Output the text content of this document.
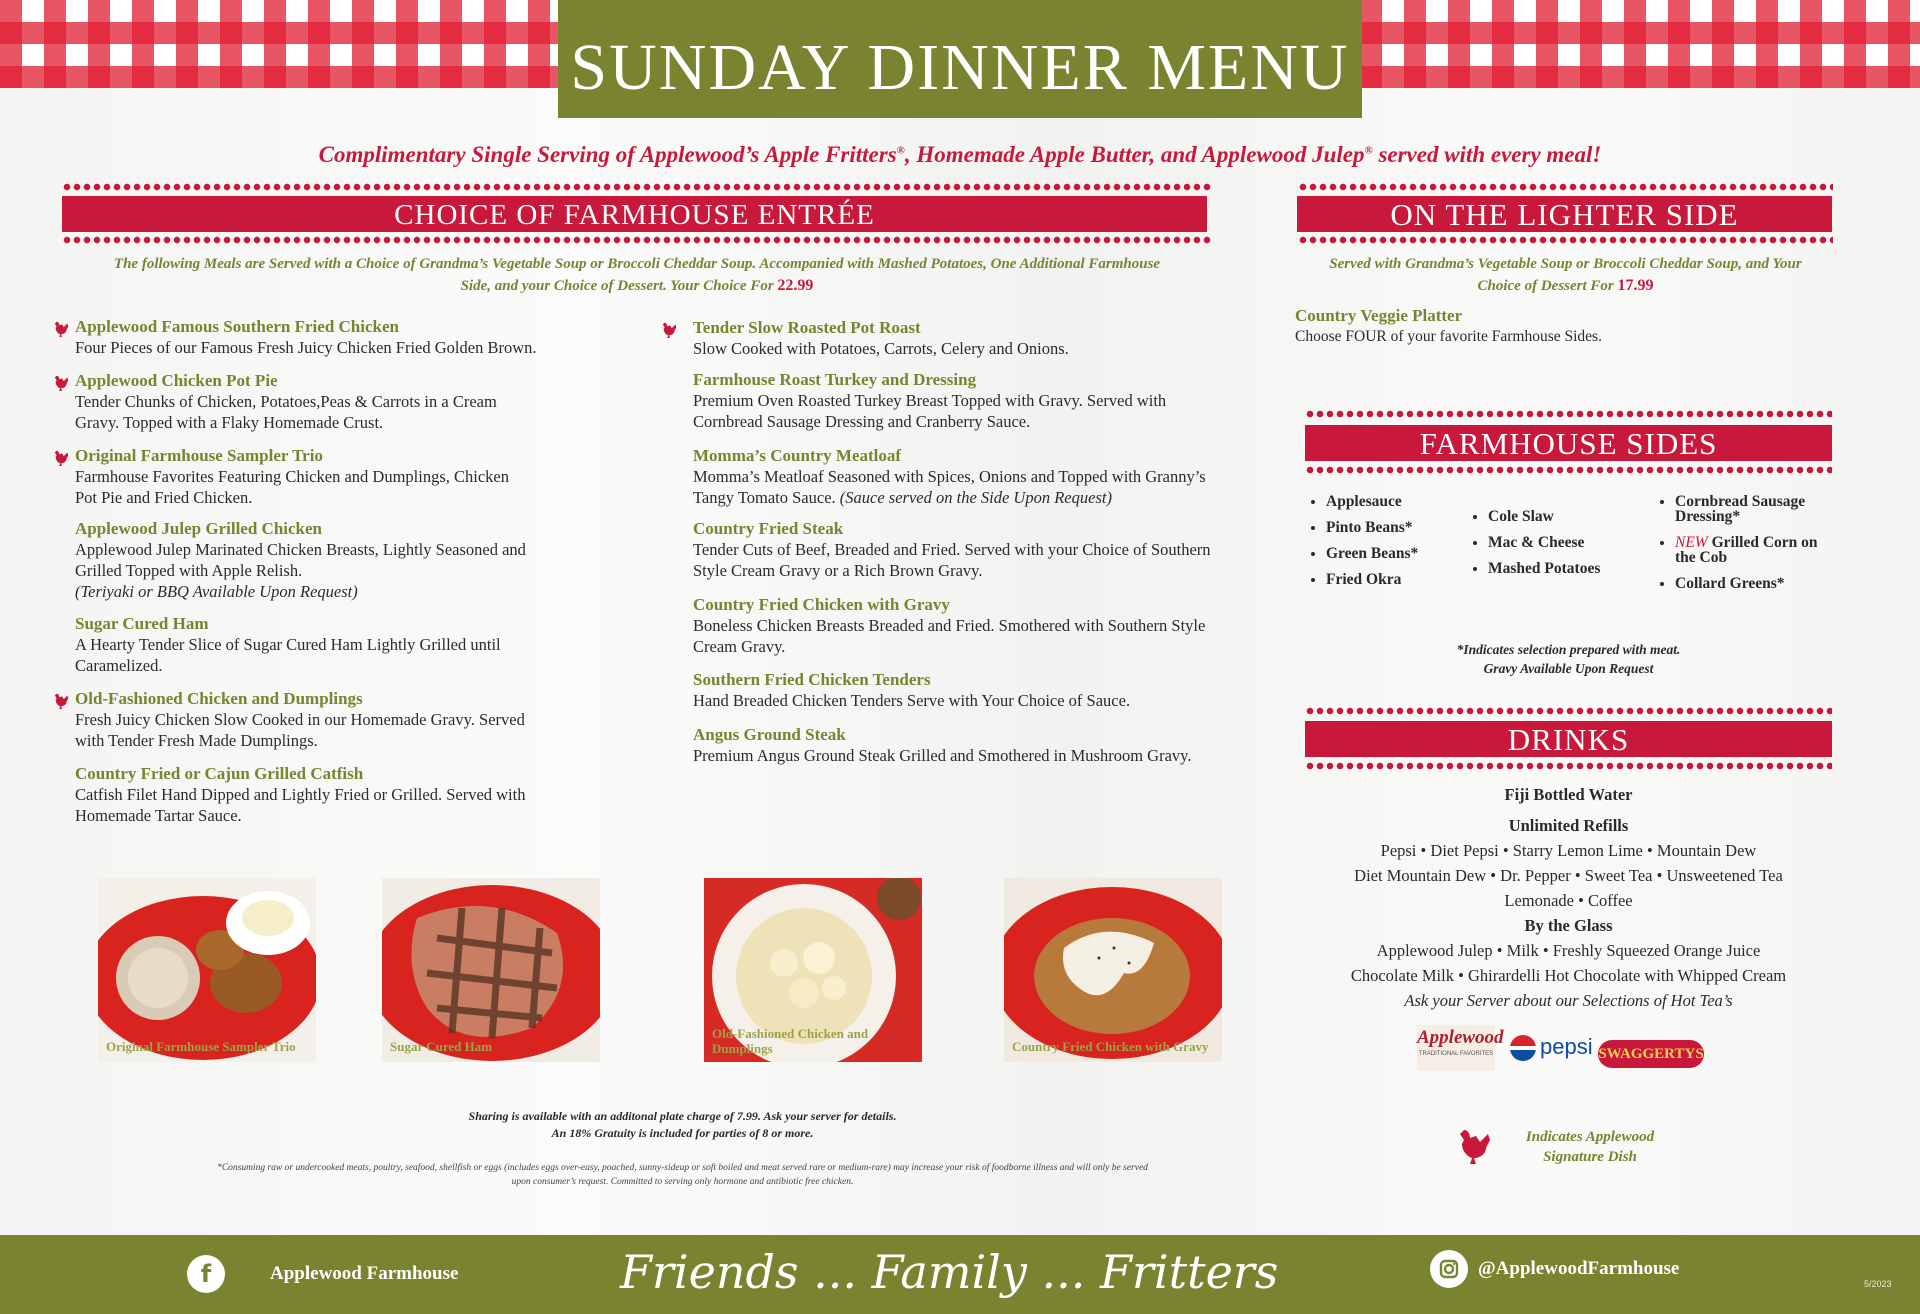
SUNDAY DINNER MENU
Complimentary Single Serving of Applewood’s Apple Fritters®, Homemade Apple Butter, and Applewood Julep® served with every meal!
CHOICE OF FARMHOUSE ENTRÉE
The following Meals are Served with a Choice of Grandma’s Vegetable Soup or Broccoli Cheddar Soup. Accompanied with Mashed Potatoes, One Additional Farmhouse
Side, and your Choice of Dessert. Your Choice For 22.99
Applewood Famous Southern Fried Chicken
Four Pieces of our Famous Fresh Juicy Chicken Fried Golden Brown.
Applewood Chicken Pot Pie
Tender Chunks of Chicken, Potatoes,Peas & Carrots in a Cream Gravy. Topped with a Flaky Homemade Crust.
Original Farmhouse Sampler Trio
Farmhouse Favorites Featuring Chicken and Dumplings, Chicken Pot Pie and Fried Chicken.
Applewood Julep Grilled Chicken
Applewood Julep Marinated Chicken Breasts, Lightly Seasoned and Grilled Topped with Apple Relish.
(Teriyaki or BBQ Available Upon Request)
Sugar Cured Ham
A Hearty Tender Slice of Sugar Cured Ham Lightly Grilled until Caramelized.
Old-Fashioned Chicken and Dumplings
Fresh Juicy Chicken Slow Cooked in our Homemade Gravy. Served with Tender Fresh Made Dumplings.
Country Fried or Cajun Grilled Catfish
Catfish Filet Hand Dipped and Lightly Fried or Grilled. Served with Homemade Tartar Sauce.
Tender Slow Roasted Pot Roast
Slow Cooked with Potatoes, Carrots, Celery and Onions.
Farmhouse Roast Turkey and Dressing
Premium Oven Roasted Turkey Breast Topped with Gravy. Served with Cornbread Sausage Dressing and Cranberry Sauce.
Momma’s Country Meatloaf
Momma’s Meatloaf Seasoned with Spices, Onions and Topped with Granny’s Tangy Tomato Sauce. (Sauce served on the Side Upon Request)
Country Fried Steak
Tender Cuts of Beef, Breaded and Fried. Served with your Choice of Southern Style Cream Gravy or a Rich Brown Gravy.
Country Fried Chicken with Gravy
Boneless Chicken Breasts Breaded and Fried. Smothered with Southern Style Cream Gravy.
Southern Fried Chicken Tenders
Hand Breaded Chicken Tenders Serve with Your Choice of Sauce.
Angus Ground Steak
Premium Angus Ground Steak Grilled and Smothered in Mushroom Gravy.
Original Farmhouse Sampler Trio	Sugar Cured Ham
Old-Fashioned Chicken and Dumplings	Country Fried Chicken with Gravy
Sharing is available with an additonal plate charge of 7.99. Ask your server for details.
An 18% Gratuity is included for parties of 8 or more.
*Consuming raw or undercooked meats, poultry, seafood, shellfish or eggs (includes eggs over-easy, poached, sunny-sideup or soft boiled and meat served rare or medium-rare) may increase your risk of foodborne illness and will only be served
upon consumer’s request. Committed to serving only hormone and antibiotic free chicken.
ON THE LIGHTER SIDE
Served with Grandma’s Vegetable Soup or Broccoli Cheddar Soup, and Your
Choice of Dessert For 17.99
Country Veggie Platter
Choose FOUR of your favorite Farmhouse Sides.
FARMHOUSE SIDES
• Applesauce
• Pinto Beans*
• Green Beans*
• Fried Okra
• Cole Slaw
• Mac & Cheese
• Mashed Potatoes
• Cornbread Sausage Dressing*
• NEW Grilled Corn on the Cob
• Collard Greens*
*Indicates selection prepared with meat.
Gravy Available Upon Request
DRINKS
Fiji Bottled Water
Unlimited Refills
Pepsi • Diet Pepsi • Starry Lemon Lime • Mountain Dew
Diet Mountain Dew • Dr. Pepper • Sweet Tea • Unsweetened Tea
Lemonade • Coffee
By the Glass
Applewood Julep • Milk • Freshly Squeezed Orange Juice
Chocolate Milk • Ghirardelli Hot Chocolate with Whipped Cream
Ask your Server about our Selections of Hot Tea’s
Applewood
TRADITIONAL FAVORITES pepsi SWAGGERTYS
Indicates Applewood
Signature Dish
f	Applewood Farmhouse	Friends ... Family ... Fritters	@ApplewoodFarmhouse
5/2023
